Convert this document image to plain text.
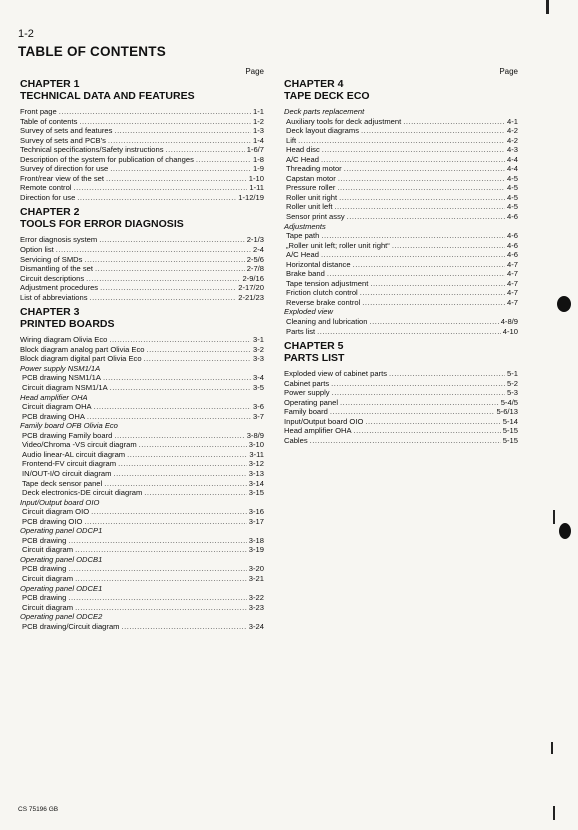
1-2
TABLE OF CONTENTS
Page
CHAPTER 1
TECHNICAL DATA AND FEATURES
Front page .....	1-1
Table of contents .....	1-2
Survey of sets and features .....	1-3
Survey of sets and PCB's .....	1-4
Technical specifications/Safety instructions .....	1-6/7
Description of the system for publication of changes .....	1-8
Survey of direction for use .....	1-9
Front/rear view of the set .....	1-10
Remote control .....	1-11
Direction for use .....	1-12/19
CHAPTER 2
TOOLS FOR ERROR DIAGNOSIS
Error diagnosis system .....	2-1/3
Option list .....	2-4
Servicing of SMDs .....	2-5/6
Dismantling of the set .....	2-7/8
Circuit descriptions .....	2-9/16
Adjustment procedures .....	2-17/20
List of abbreviations .....	2-21/23
CHAPTER 3
PRINTED BOARDS
Wiring diagram Olivia Eco .....	3-1
Block diagram analog part Olivia Eco .....	3-2
Block diagram digital part Olivia Eco .....	3-3
Power supply NSM1/1A
PCB drawing NSM1/1A .....	3-4
Circuit diagram NSM1/1A .....	3-5
Head amplifier OHA
Circuit diagram OHA .....	3-6
PCB drawing OHA .....	3-7
Family board OFB Olivia Eco
PCB drawing Family board .....	3-8/9
Video/Chroma -VS circuit diagram .....	3-10
Audio linear-AL circuit diagram .....	3-11
Frontend-FV circuit diagram .....	3-12
IN/OUT-I/O circuit diagram .....	3-13
Tape deck sensor panel .....	3-14
Deck electronics-DE circuit diagram .....	3-15
Input/Output board OIO
Circuit diagram OIO .....	3-16
PCB drawing OIO .....	3-17
Operating panel ODCP1
PCB drawing .....	3-18
Circuit diagram .....	3-19
Operating panel ODCB1
PCB drawing .....	3-20
Circuit diagram .....	3-21
Operating panel ODCE1
PCB drawing .....	3-22
Circuit diagram .....	3-23
Operating panel ODCE2
PCB drawing/Circuit diagram .....	3-24
Page
CHAPTER 4
TAPE DECK ECO
Deck parts replacement
Auxiliary tools for deck adjustment .....	4-1
Deck layout diagrams .....	4-2
Lift .....	4-2
Head disc .....	4-3
A/C Head .....	4-4
Threading motor .....	4-4
Capstan motor .....	4-5
Pressure roller .....	4-5
Roller unit right .....	4-5
Roller unit left .....	4-5
Sensor print assy .....	4-6
Adjustments
Tape path .....	4-6
„Roller unit left; roller unit right“ .....	4-6
A/C Head .....	4-6
Horizontal distance .....	4-7
Brake band .....	4-7
Tape tension adjustment .....	4-7
Friction clutch control .....	4-7
Reverse brake control .....	4-7
Exploded view
Cleaning and lubrication .....	4-8/9
Parts list .....	4-10
CHAPTER 5
PARTS LIST
Exploded view of cabinet parts .....	5-1
Cabinet parts .....	5-2
Power supply .....	5-3
Operating panel .....	5-4/5
Family board .....	5-6/13
Input/Output board OIO .....	5-14
Head amplifier OHA .....	5-15
Cables .....	5-15
CS 75196 GB
